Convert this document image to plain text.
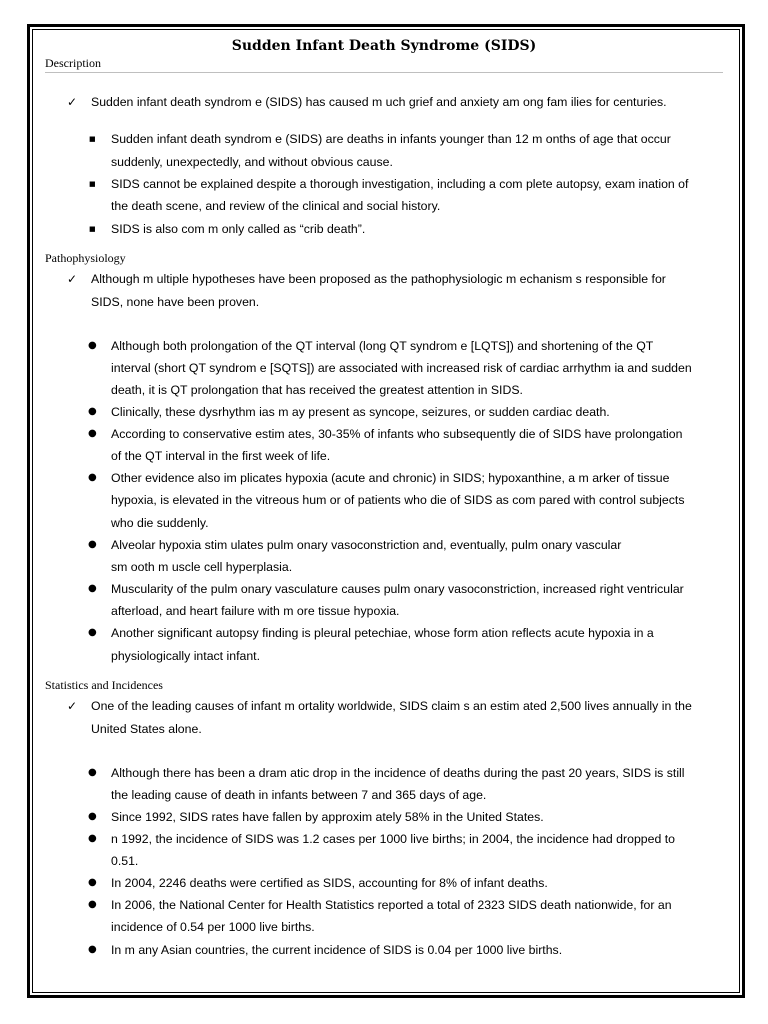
Sudden Infant Death Syndrome (SIDS)
Description
✓ Sudden infant death syndrom e (SIDS) has caused m uch grief and anxiety am ong fam ilies for centuries.
■ Sudden infant death syndrom e (SIDS) are deaths in infants younger than 12 m onths of age that occur
suddenly, unexpectedly, and without obvious cause.
■ SIDS cannot be explained despite a thorough investigation, including a com plete autopsy, exam ination of
the death scene, and review of the clinical and social history.
■ SIDS is also com m only called as “crib death”.
Pathophysiology
✓ Although m ultiple hypotheses have been proposed as the pathophysiologic m echanism s responsible for
SIDS, none have been proven.
● Although both prolongation of the QT interval (long QT syndrom e [LQTS]) and shortening of the QT
interval (short QT syndrom e [SQTS]) are associated with increased risk of cardiac arrhythm ia and sudden
death, it is QT prolongation that has received the greatest attention in SIDS.
● Clinically, these dysrhythm ias m ay present as syncope, seizures, or sudden cardiac death.
● According to conservative estim ates, 30-35% of infants who subsequently die of SIDS have prolongation
of the QT interval in the first week of life.
● Other evidence also im plicates hypoxia (acute and chronic) in SIDS; hypoxanthine, a m arker of tissue
hypoxia, is elevated in the vitreous hum or of patients who die of SIDS as com pared with control subjects
who die suddenly.
● Alveolar hypoxia stim ulates pulm onary vasoconstriction and, eventually, pulm onary vascular
sm ooth m uscle cell hyperplasia.
● Muscularity of the pulm onary vasculature causes pulm onary vasoconstriction, increased right ventricular
afterload, and heart failure with m ore tissue hypoxia.
● Another significant autopsy finding is pleural petechiae, whose form ation reflects acute hypoxia in a
physiologically intact infant.
Statistics and Incidences
✓ One of the leading causes of infant m ortality worldwide, SIDS claim s an estim ated 2,500 lives annually in the
United States alone.
● Although there has been a dram atic drop in the incidence of deaths during the past 20 years, SIDS is still
the leading cause of death in infants between 7 and 365 days of age.
● Since 1992, SIDS rates have fallen by approxim ately 58% in the United States.
● n 1992, the incidence of SIDS was 1.2 cases per 1000 live births; in 2004, the incidence had dropped to
0.51.
● In 2004, 2246 deaths were certified as SIDS, accounting for 8% of infant deaths.
● In 2006, the National Center for Health Statistics reported a total of 2323 SIDS death nationwide, for an
incidence of 0.54 per 1000 live births.
● In m any Asian countries, the current incidence of SIDS is 0.04 per 1000 live births.
